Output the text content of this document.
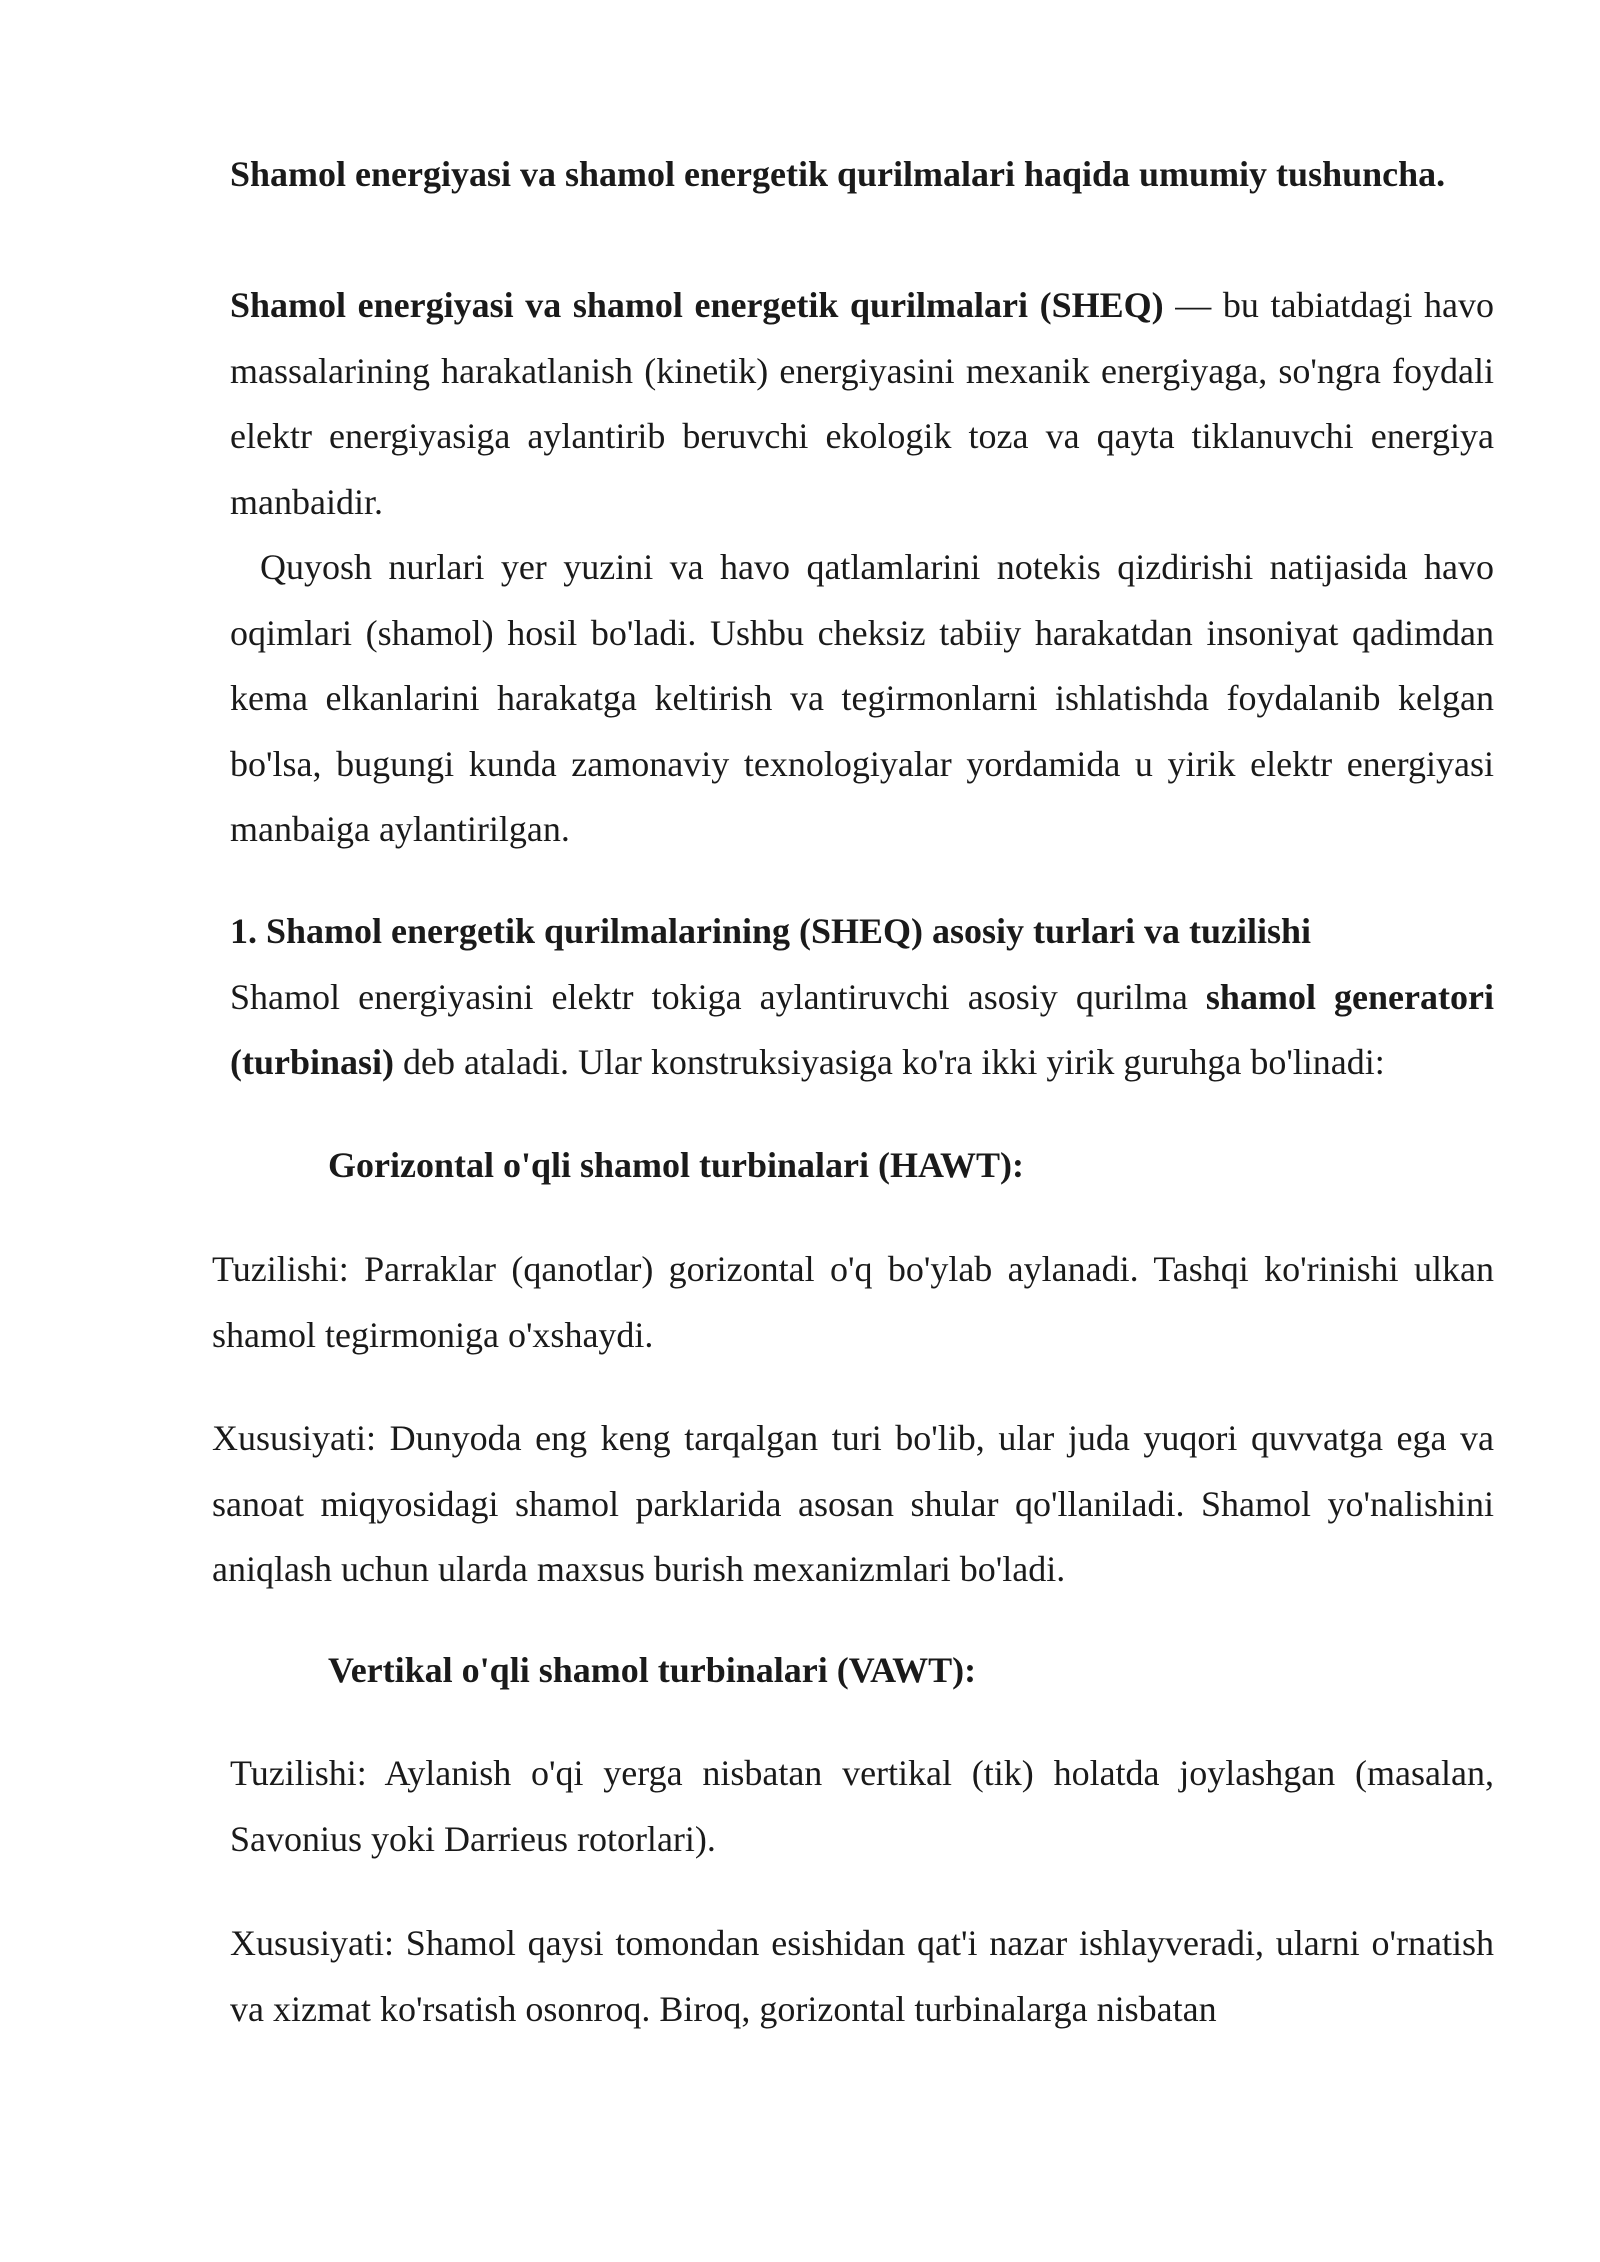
Shamol energiyasi va shamol energetik qurilmalari haqida umumiy tushuncha.

Shamol energiyasi va shamol energetik qurilmalari (SHEQ) — bu tabiatdagi havo massalarining harakatlanish (kinetik) energiyasini mexanik energiyaga, so'ngra foydali elektr energiyasiga aylantirib beruvchi ekologik toza va qayta tiklanuvchi energiya manbaidir.

Quyosh nurlari yer yuzini va havo qatlamlarini notekis qizdirishi natijasida havo oqimlari (shamol) hosil bo'ladi. Ushbu cheksiz tabiiy harakatdan insoniyat qadimdan kema elkanlarini harakatga keltirish va tegirmonlarni ishlatishda foydalanib kelgan bo'lsa, bugungi kunda zamonaviy texnologiyalar yordamida u yirik elektr energiyasi manbaiga aylantirilgan.

1. Shamol energetik qurilmalarining (SHEQ) asosiy turlari va tuzilishi

Shamol energiyasini elektr tokiga aylantiruvchi asosiy qurilma shamol generatori (turbinasi) deb ataladi. Ular konstruksiyasiga ko'ra ikki yirik guruhga bo'linadi:

Gorizontal o'qli shamol turbinalari (HAWT):

Tuzilishi: Parraklar (qanotlar) gorizontal o'q bo'ylab aylanadi. Tashqi ko'rinishi ulkan shamol tegirmoniga o'xshaydi.

Xususiyati: Dunyoda eng keng tarqalgan turi bo'lib, ular juda yuqori quvvatga ega va sanoat miqyosidagi shamol parklarida asosan shular qo'llaniladi. Shamol yo'nalishini aniqlash uchun ularda maxsus burish mexanizmlari bo'ladi.

Vertikal o'qli shamol turbinalari (VAWT):

Tuzilishi: Aylanish o'qi yerga nisbatan vertikal (tik) holatda joylashgan (masalan, Savonius yoki Darrieus rotorlari).

Xususiyati: Shamol qaysi tomondan esishidan qat'i nazar ishlayveradi, ularni o'rnatish va xizmat ko'rsatish osonroq. Biroq, gorizontal turbinalarga nisbatan
